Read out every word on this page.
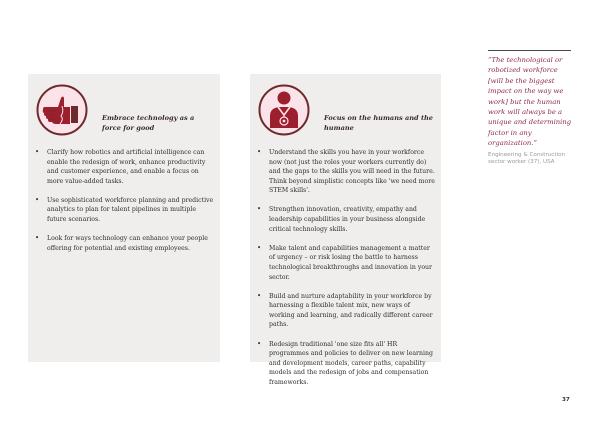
Embrace technology as a force for good
• Clarify how robotics and artificial intelligence can enable the redesign of work, enhance productivity and customer experience, and enable a focus on more value-added tasks.
• Use sophisticated workforce planning and predictive analytics to plan for talent pipelines in multiple future scenarios.
• Look for ways technology can enhance your people offering for potential and existing employees.
Focus on the humans and the humane
• Understand the skills you have in your workforce now (not just the roles your workers currently do) and the gaps to the skills you will need in the future. Think beyond simplistic concepts like 'we need more STEM skills'.
• Strengthen innovation, creativity, empathy and leadership capabilities in your business alongside critical technology skills.
• Make talent and capabilities management a matter of urgency – or risk losing the battle to harness technological breakthroughs and innovation in your sector.
• Build and nurture adaptability in your workforce by harnessing a flexible talent mix, new ways of working and learning, and radically different career paths.
• Redesign traditional 'one size fits all' HR programmes and policies to deliver on new learning and development models, career paths, capability models and the redesign of jobs and compensation frameworks.
“The technological or robotized workforce [will be the biggest impact on the way we work] but the human work will always be a unique and determining factor in any organization.”
Engineering & Construction sector worker (37), USA
37
